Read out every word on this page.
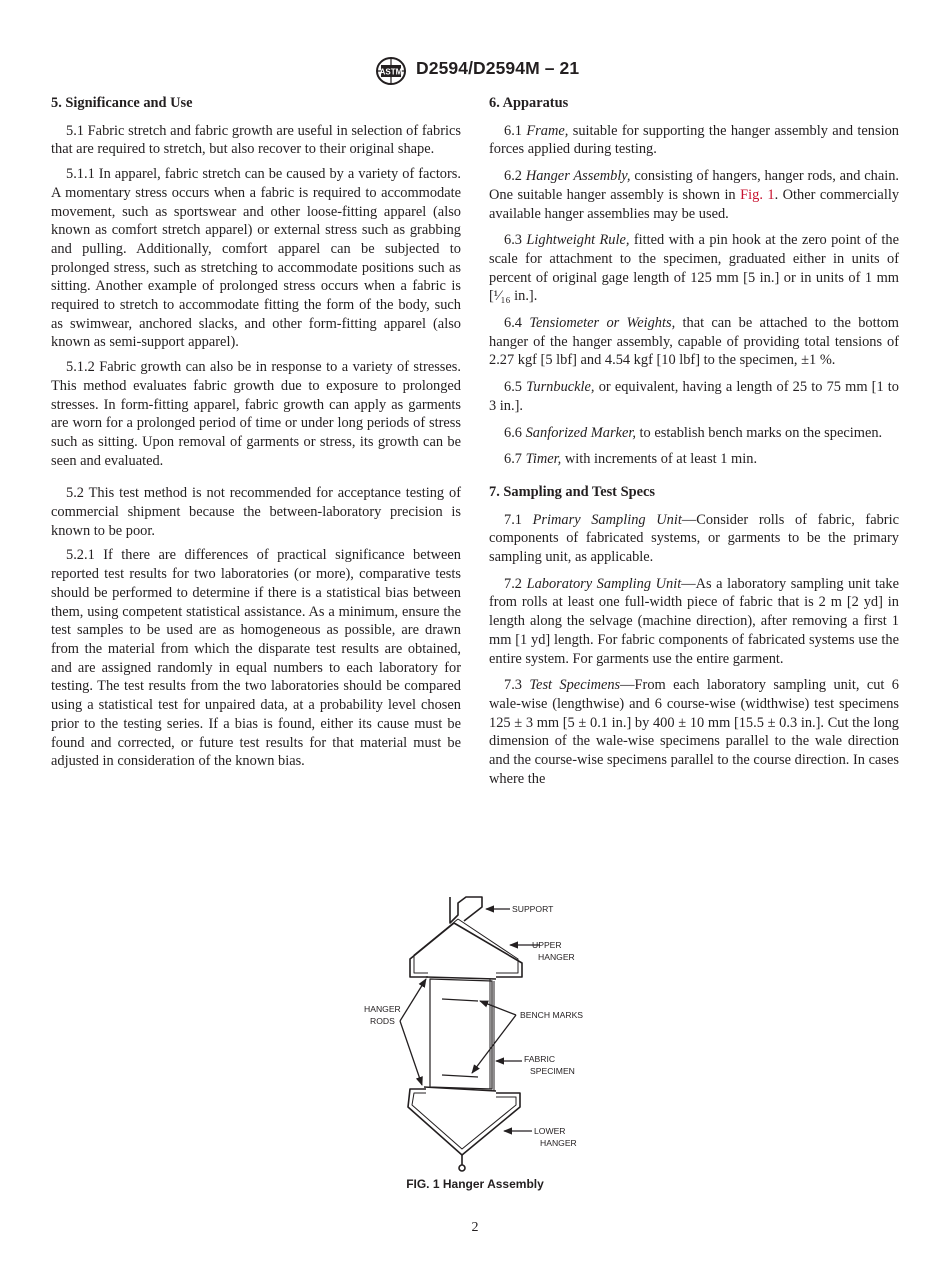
ASTM D2594/D2594M – 21
5. Significance and Use

5.1 Fabric stretch and fabric growth are useful in selection of fabrics that are required to stretch, but also recover to their original shape.

5.1.1 In apparel, fabric stretch can be caused by a variety of factors. A momentary stress occurs when a fabric is required to accommodate movement, such as sportswear and other loose-fitting apparel (also known as comfort stretch apparel) or external stress such as grabbing and pulling. Additionally, comfort apparel can be subjected to prolonged stress, such as stretching to accommodate positions such as sitting. Another example of prolonged stress occurs when a fabric is required to stretch to accommodate fitting the form of the body, such as swimwear, anchored slacks, and other form-fitting apparel (also known as semi-support apparel).

5.1.2 Fabric growth can also be in response to a variety of stresses. This method evaluates fabric growth due to exposure to prolonged stresses. In form-fitting apparel, fabric growth can apply as garments are worn for a prolonged period of time or under long periods of stress such as sitting. Upon removal of garments or stress, its growth can be seen and evaluated.

5.2 This test method is not recommended for acceptance testing of commercial shipment because the between-laboratory precision is known to be poor.

5.2.1 If there are differences of practical significance between reported test results for two laboratories (or more), comparative tests should be performed to determine if there is a statistical bias between them, using competent statistical assistance. As a minimum, ensure the test samples to be used are as homogeneous as possible, are drawn from the material from which the disparate test results are obtained, and are assigned randomly in equal numbers to each laboratory for testing. The test results from the two laboratories should be compared using a statistical test for unpaired data, at a probability level chosen prior to the testing series. If a bias is found, either its cause must be found and corrected, or future test results for that material must be adjusted in consideration of the known bias.

6. Apparatus

6.1 Frame, suitable for supporting the hanger assembly and tension forces applied during testing.

6.2 Hanger Assembly, consisting of hangers, hanger rods, and chain. One suitable hanger assembly is shown in Fig. 1. Other commercially available hanger assemblies may be used.

6.3 Lightweight Rule, fitted with a pin hook at the zero point of the scale for attachment to the specimen, graduated either in units of percent of original gage length of 125 mm [5 in.] or in units of 1 mm [¹⁄₁₆ in.].

6.4 Tensiometer or Weights, that can be attached to the bottom hanger of the hanger assembly, capable of providing total tensions of 2.27 kgf [5 lbf] and 4.54 kgf [10 lbf] to the specimen, ±1 %.

6.5 Turnbuckle, or equivalent, having a length of 25 to 75 mm [1 to 3 in.].

6.6 Sanforized Marker, to establish bench marks on the specimen.

6.7 Timer, with increments of at least 1 min.

7. Sampling and Test Specs

7.1 Primary Sampling Unit—Consider rolls of fabric, fabric components of fabricated systems, or garments to be the primary sampling unit, as applicable.

7.2 Laboratory Sampling Unit—As a laboratory sampling unit take from rolls at least one full-width piece of fabric that is 2 m [2 yd] in length along the selvage (machine direction), after removing a first 1 mm [1 yd] length. For fabric components of fabricated systems use the entire system. For garments use the entire garment.

7.3 Test Specimens—From each laboratory sampling unit, cut 6 wale-wise (lengthwise) and 6 course-wise (widthwise) test specimens 125 ± 3 mm [5 ± 0.1 in.] by 400 ± 10 mm [15.5 ± 0.3 in.]. Cut the long dimension of the wale-wise specimens parallel to the wale direction and the course-wise specimens parallel to the course direction. In cases where the

SUPPORT
UPPER
HANGER
HANGER
RODS
BENCH MARKS
FABRIC
SPECIMEN
LOWER
HANGER
FIG. 1 Hanger Assembly
2
